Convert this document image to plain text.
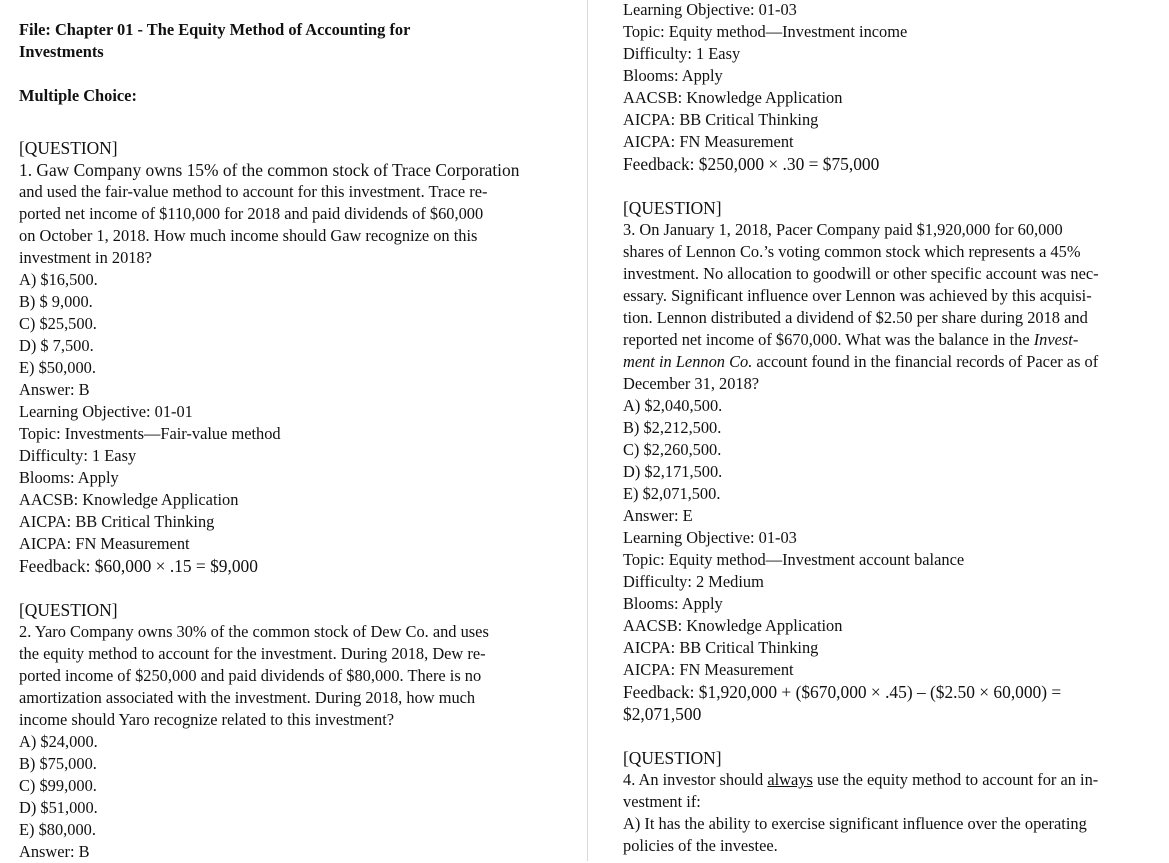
File: Chapter 01 - The Equity Method of Accounting for
Investments
Multiple Choice:
[QUESTION]
1. Gaw Company owns 15% of the common stock of Trace Corporation
and used the fair-value method to account for this investment. Trace re-
ported net income of $110,000 for 2018 and paid dividends of $60,000
on October 1, 2018. How much income should Gaw recognize on this
investment in 2018?
A) $16,500.
B) $ 9,000.
C) $25,500.
D) $ 7,500.
E) $50,000.
Answer: B
Learning Objective: 01-01
Topic: Investments—Fair-value method
Difficulty: 1 Easy
Blooms: Apply
AACSB: Knowledge Application
AICPA: BB Critical Thinking
AICPA: FN Measurement
Feedback: $60,000 × .15 = $9,000
[QUESTION]
2. Yaro Company owns 30% of the common stock of Dew Co. and uses
the equity method to account for the investment. During 2018, Dew re-
ported income of $250,000 and paid dividends of $80,000. There is no
amortization associated with the investment. During 2018, how much
income should Yaro recognize related to this investment?
A) $24,000.
B) $75,000.
C) $99,000.
D) $51,000.
E) $80,000.
Answer: B
Learning Objective: 01-03
Topic: Equity method—Investment income
Difficulty: 1 Easy
Blooms: Apply
AACSB: Knowledge Application
AICPA: BB Critical Thinking
AICPA: FN Measurement
Feedback: $250,000 × .30 = $75,000
[QUESTION]
3. On January 1, 2018, Pacer Company paid $1,920,000 for 60,000
shares of Lennon Co.’s voting common stock which represents a 45%
investment. No allocation to goodwill or other specific account was nec-
essary. Significant influence over Lennon was achieved by this acquisi-
tion. Lennon distributed a dividend of $2.50 per share during 2018 and
reported net income of $670,000. What was the balance in the Invest-
ment in Lennon Co. account found in the financial records of Pacer as of
December 31, 2018?
A) $2,040,500.
B) $2,212,500.
C) $2,260,500.
D) $2,171,500.
E) $2,071,500.
Answer: E
Learning Objective: 01-03
Topic: Equity method—Investment account balance
Difficulty: 2 Medium
Blooms: Apply
AACSB: Knowledge Application
AICPA: BB Critical Thinking
AICPA: FN Measurement
Feedback: $1,920,000 + ($670,000 × .45) – ($2.50 × 60,000) =
$2,071,500
[QUESTION]
4. An investor should always use the equity method to account for an in-
vestment if:
A) It has the ability to exercise significant influence over the operating
policies of the investee.
